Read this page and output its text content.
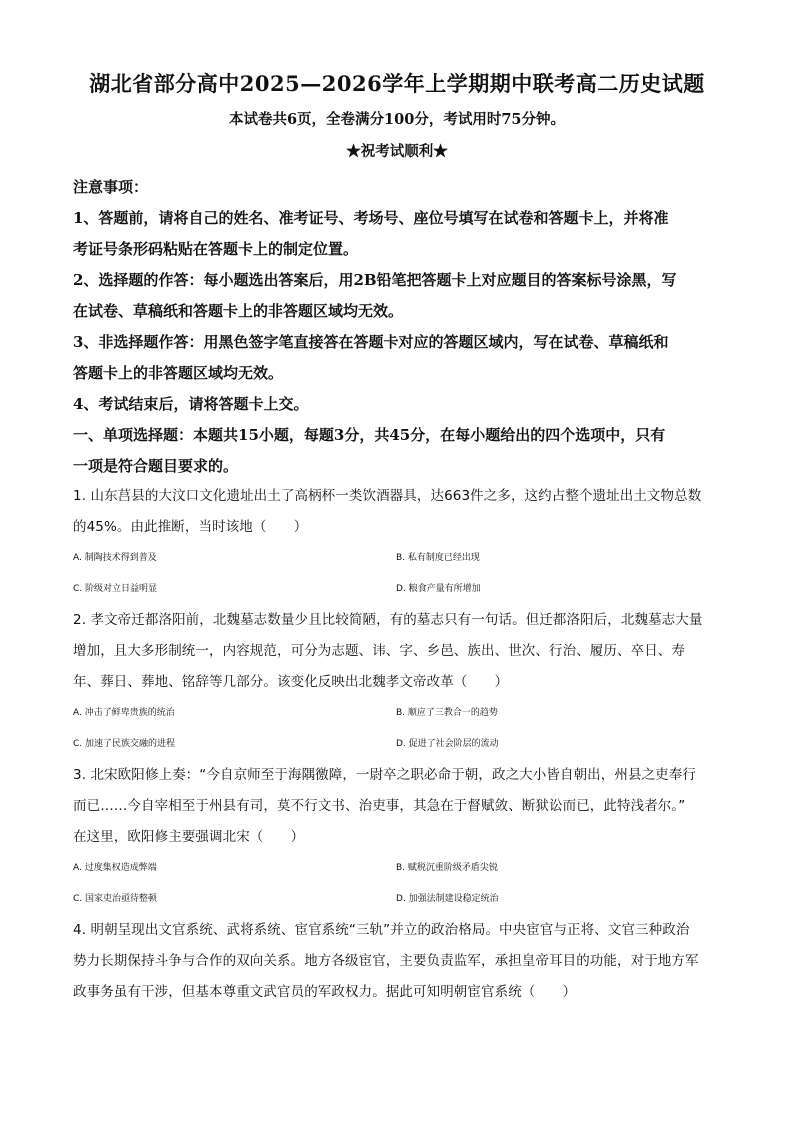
湖北省部分高中2025—2026学年上学期期中联考高二历史试题
本试卷共6页，全卷满分100分，考试用时75分钟。
★祝考试顺利★

注意事项：

1、答题前，请将自己的姓名、准考证号、考场号、座位号填写在试卷和答题卡上，并将准

考证号条形码粘贴在答题卡上的制定位置。

2、选择题的作答：每小题选出答案后，用2B铅笔把答题卡上对应题目的答案标号涂黑，写

在试卷、草稿纸和答题卡上的非答题区域均无效。

3、非选择题作答：用黑色签字笔直接答在答题卡对应的答题区域内，写在试卷、草稿纸和

答题卡上的非答题区域均无效。

4、考试结束后，请将答题卡上交。

一、单项选择题：本题共15小题，每题3分，共45分，在每小题给出的四个选项中，只有

一项是符合题目要求的。

1. 山东莒县的大汶口文化遗址出土了高柄杯一类饮酒器具，达663件之多，这约占整个遗址出土文物总数

的45%。由此推断，当时该地（　　）

A. 制陶技术得到普及	B. 私有制度已经出现
C. 阶级对立日益明显	D. 粮食产量有所增加

2. 孝文帝迁都洛阳前，北魏墓志数量少且比较简陋，有的墓志只有一句话。但迁都洛阳后，北魏墓志大量

增加，且大多形制统一，内容规范，可分为志题、讳、字、乡邑、族出、世次、行治、履历、卒日、寿

年、葬日、葬地、铭辞等几部分。该变化反映出北魏孝文帝改革（　　）

A. 冲击了鲜卑贵族的统治	B. 顺应了三教合一的趋势
C. 加速了民族交融的进程	D. 促进了社会阶层的流动

3. 北宋欧阳修上奏：“今自京师至于海隅徼障，一尉卒之职必命于朝，政之大小皆自朝出，州县之吏奉行

而已……今自宰相至于州县有司，莫不行文书、治吏事，其急在于督赋敛、断狱讼而已，此特浅者尔。”

在这里，欧阳修主要强调北宋（　　）

A. 过度集权造成弊端	B. 赋税沉重阶级矛盾尖锐
C. 国家吏治亟待整顿	D. 加强法制建设稳定统治

4. 明朝呈现出文官系统、武将系统、宦官系统“三轨”并立的政治格局。中央宦官与正将、文官三种政治

势力长期保持斗争与合作的双向关系。地方各级宦官，主要负责监军，承担皇帝耳目的功能，对于地方军

政事务虽有干涉，但基本尊重文武官员的军政权力。据此可知明朝宦官系统（　　）
